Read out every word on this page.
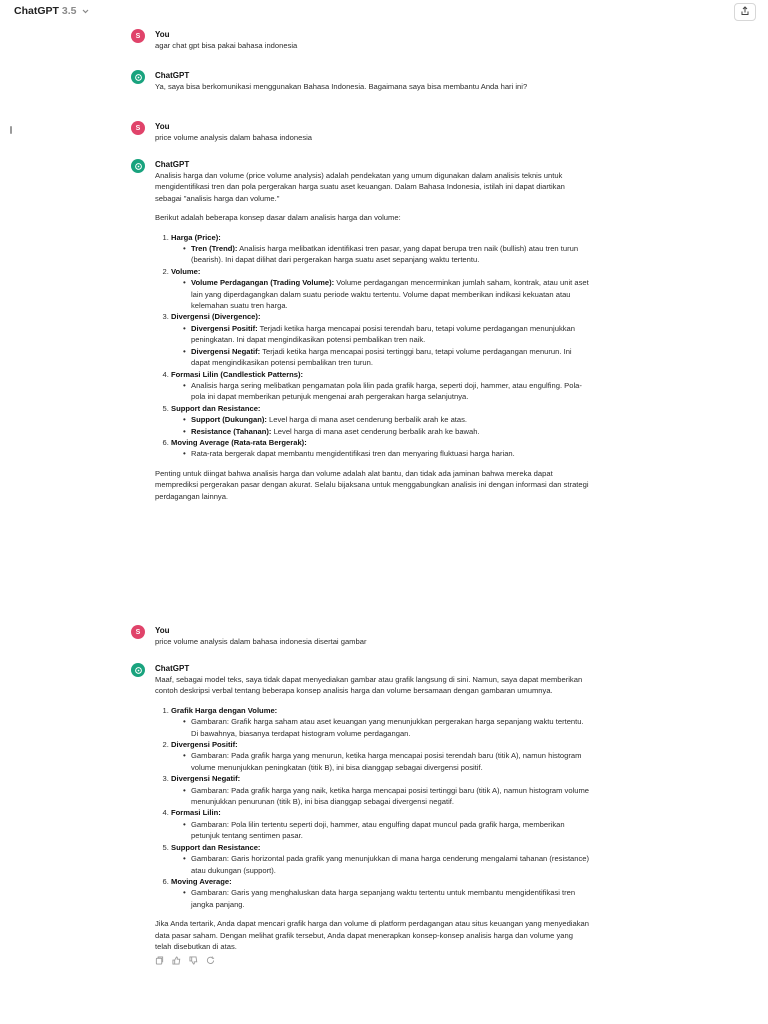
ChatGPT 3.5
S	You
agar chat gpt bisa pakai bahasa indonesia
ChatGPT
Ya, saya bisa berkomunikasi menggunakan Bahasa Indonesia. Bagaimana saya bisa membantu Anda hari ini?
S	You
price volume analysis dalam bahasa indonesia
ChatGPT

Analisis harga dan volume (price volume analysis) adalah pendekatan yang umum digunakan dalam analisis teknis untuk mengidentifikasi tren dan pola pergerakan harga suatu aset keuangan. Dalam Bahasa Indonesia, istilah ini dapat diartikan sebagai "analisis harga dan volume."

Berikut adalah beberapa konsep dasar dalam analisis harga dan volume:

1. Harga (Price):
• Tren (Trend): Analisis harga melibatkan identifikasi tren pasar, yang dapat berupa tren naik (bullish) atau tren turun (bearish). Ini dapat dilihat dari pergerakan harga suatu aset sepanjang waktu tertentu.
2. Volume:
• Volume Perdagangan (Trading Volume): Volume perdagangan mencerminkan jumlah saham, kontrak, atau unit aset lain yang diperdagangkan dalam suatu periode waktu tertentu. Volume dapat memberikan indikasi kekuatan atau kelemahan suatu tren harga.
3. Divergensi (Divergence):
• Divergensi Positif: Terjadi ketika harga mencapai posisi terendah baru, tetapi volume perdagangan menunjukkan peningkatan. Ini dapat mengindikasikan potensi pembalikan tren naik.
• Divergensi Negatif: Terjadi ketika harga mencapai posisi tertinggi baru, tetapi volume perdagangan menurun. Ini dapat mengindikasikan potensi pembalikan tren turun.
4. Formasi Lilin (Candlestick Patterns):
• Analisis harga sering melibatkan pengamatan pola lilin pada grafik harga, seperti doji, hammer, atau engulfing. Pola-pola ini dapat memberikan petunjuk mengenai arah pergerakan harga selanjutnya.
5. Support dan Resistance:
• Support (Dukungan): Level harga di mana aset cenderung berbalik arah ke atas.
• Resistance (Tahanan): Level harga di mana aset cenderung berbalik arah ke bawah.
6. Moving Average (Rata-rata Bergerak):
• Rata-rata bergerak dapat membantu mengidentifikasi tren dan menyaring fluktuasi harga harian.

Penting untuk diingat bahwa analisis harga dan volume adalah alat bantu, dan tidak ada jaminan bahwa mereka dapat memprediksi pergerakan pasar dengan akurat. Selalu bijaksana untuk menggabungkan analisis ini dengan informasi dan strategi perdagangan lainnya.

S	You
price volume analysis dalam bahasa indonesia disertai gambar
ChatGPT

Maaf, sebagai model teks, saya tidak dapat menyediakan gambar atau grafik langsung di sini. Namun, saya dapat memberikan contoh deskripsi verbal tentang beberapa konsep analisis harga dan volume bersamaan dengan gambaran umumnya.

1. Grafik Harga dengan Volume:
• Gambaran: Grafik harga saham atau aset keuangan yang menunjukkan pergerakan harga sepanjang waktu tertentu. Di bawahnya, biasanya terdapat histogram volume perdagangan.
2. Divergensi Positif:
• Gambaran: Pada grafik harga yang menurun, ketika harga mencapai posisi terendah baru (titik A), namun histogram volume menunjukkan peningkatan (titik B), ini bisa dianggap sebagai divergensi positif.
3. Divergensi Negatif:
• Gambaran: Pada grafik harga yang naik, ketika harga mencapai posisi tertinggi baru (titik A), namun histogram volume menunjukkan penurunan (titik B), ini bisa dianggap sebagai divergensi negatif.
4. Formasi Lilin:
• Gambaran: Pola lilin tertentu seperti doji, hammer, atau engulfing dapat muncul pada grafik harga, memberikan petunjuk tentang sentimen pasar.
5. Support dan Resistance:
• Gambaran: Garis horizontal pada grafik yang menunjukkan di mana harga cenderung mengalami tahanan (resistance) atau dukungan (support).
6. Moving Average:
• Gambaran: Garis yang menghaluskan data harga sepanjang waktu tertentu untuk membantu mengidentifikasi tren jangka panjang.

Jika Anda tertarik, Anda dapat mencari grafik harga dan volume di platform perdagangan atau situs keuangan yang menyediakan data pasar saham. Dengan melihat grafik tersebut, Anda dapat menerapkan konsep-konsep analisis harga dan volume yang telah disebutkan di atas.
